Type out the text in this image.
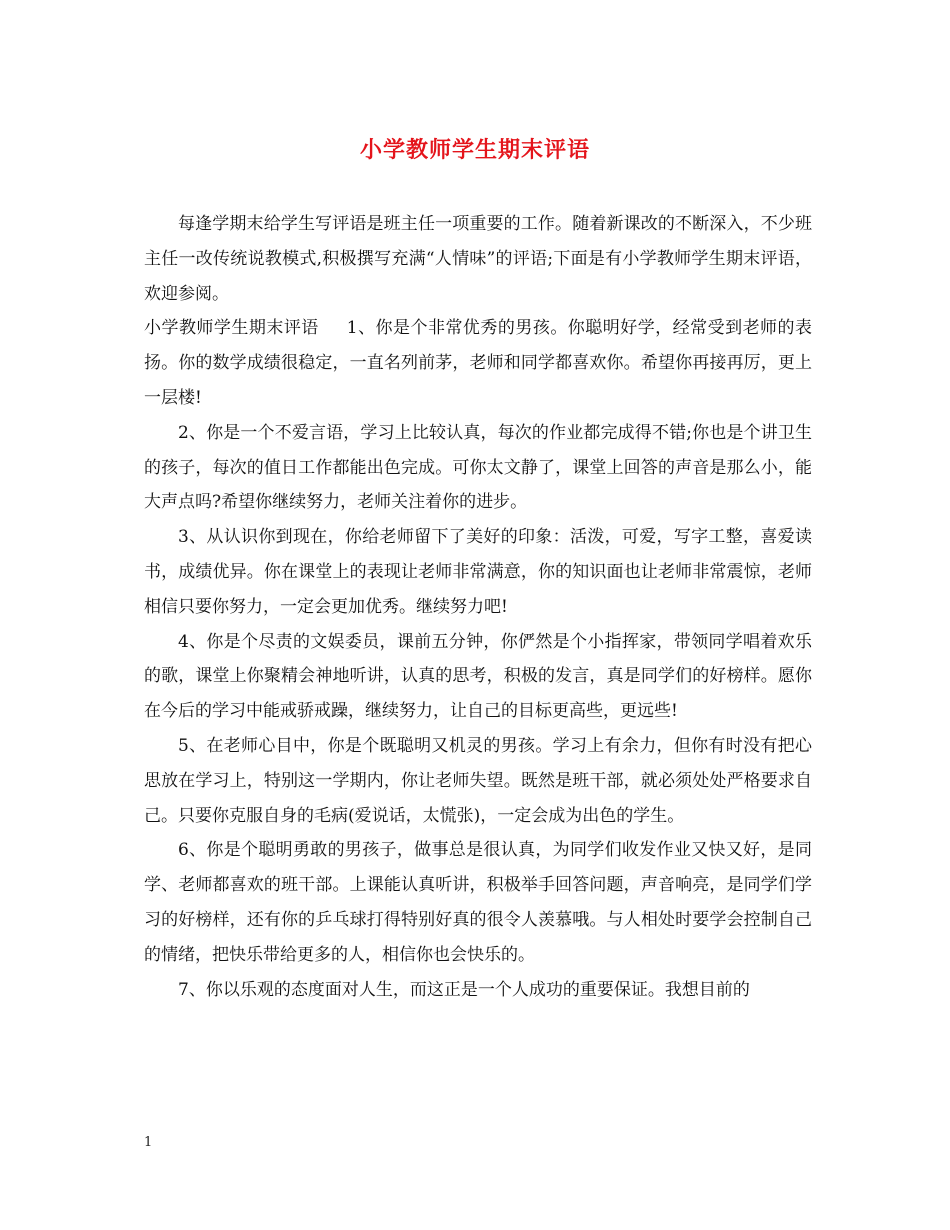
小学教师学生期末评语

每逢学期末给学生写评语是班主任一项重要的工作。随着新课改的不断深入，不少班主任一改传统说教模式,积极撰写充满“人情味”的评语;下面是有小学教师学生期末评语，欢迎参阅。

小学教师学生期末评语 1、你是个非常优秀的男孩。你聪明好学，经常受到老师的表扬。你的数学成绩很稳定，一直名列前茅，老师和同学都喜欢你。希望你再接再厉，更上一层楼!

2、你是一个不爱言语，学习上比较认真，每次的作业都完成得不错;你也是个讲卫生的孩子，每次的值日工作都能出色完成。可你太文静了，课堂上回答的声音是那么小，能大声点吗?希望你继续努力，老师关注着你的进步。

3、从认识你到现在，你给老师留下了美好的印象：活泼，可爱，写字工整，喜爱读书，成绩优异。你在课堂上的表现让老师非常满意，你的知识面也让老师非常震惊，老师相信只要你努力，一定会更加优秀。继续努力吧!

4、你是个尽责的文娱委员，课前五分钟，你俨然是个小指挥家，带领同学唱着欢乐的歌，课堂上你聚精会神地听讲，认真的思考，积极的发言，真是同学们的好榜样。愿你在今后的学习中能戒骄戒躁，继续努力，让自己的目标更高些，更远些!

5、在老师心目中，你是个既聪明又机灵的男孩。学习上有余力，但你有时没有把心思放在学习上，特别这一学期内，你让老师失望。既然是班干部，就必须处处严格要求自己。只要你克服自身的毛病(爱说话，太慌张)，一定会成为出色的学生。

6、你是个聪明勇敢的男孩子，做事总是很认真，为同学们收发作业又快又好，是同学、老师都喜欢的班干部。上课能认真听讲，积极举手回答问题，声音响亮，是同学们学习的好榜样，还有你的乒乓球打得特别好真的很令人羡慕哦。与人相处时要学会控制自己的情绪，把快乐带给更多的人，相信你也会快乐的。

7、你以乐观的态度面对人生，而这正是一个人成功的重要保证。我想目前的

1
